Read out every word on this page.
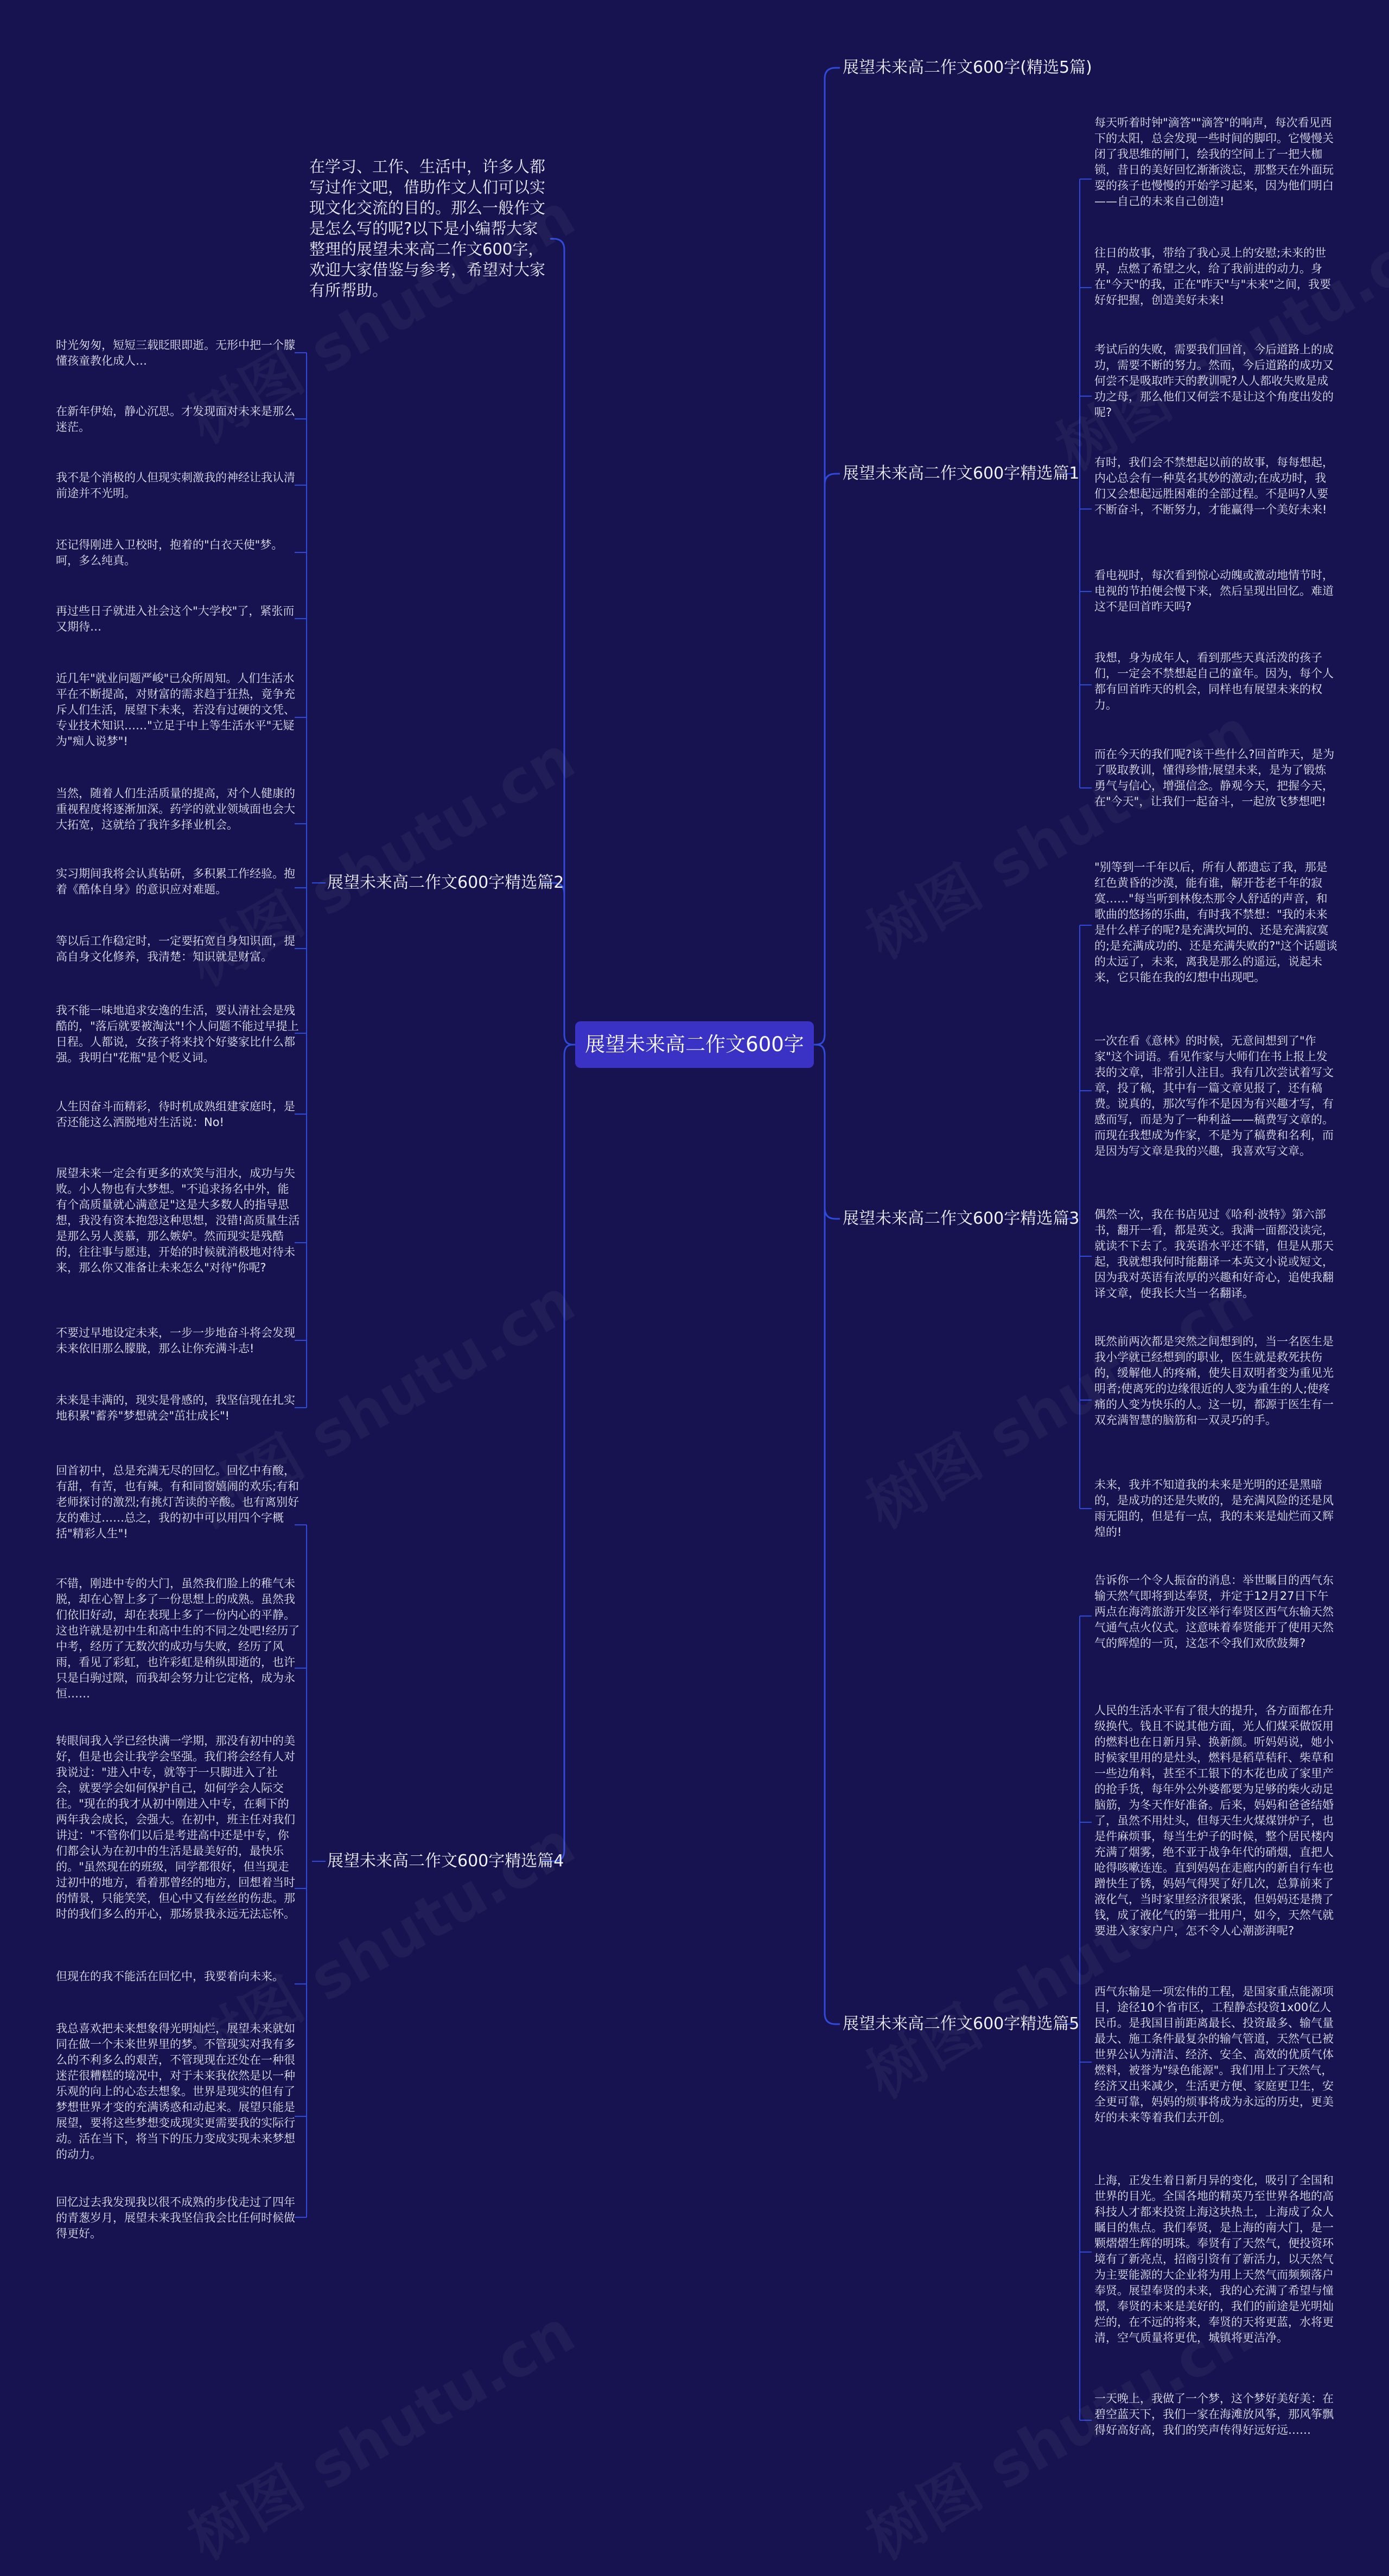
展望未来高二作文600字
在学习、工作、生活中，许多人都写过作文吧，借助作文人们可以实现文化交流的目的。那么一般作文是怎么写的呢?以下是小编帮大家整理的展望未来高二作文600字，欢迎大家借鉴与参考，希望对大家有所帮助。
展望未来高二作文600字(精选5篇)
展望未来高二作文600字精选篇1
展望未来高二作文600字精选篇2
展望未来高二作文600字精选篇3
展望未来高二作文600字精选篇4
展望未来高二作文600字精选篇5
每天听着时钟"滴答""滴答"的响声，每次看见西下的太阳，总会发现一些时间的脚印。它慢慢关闭了我思维的闸门，绘我的空间上了一把大枷锁，昔日的美好回忆渐渐淡忘，那整天在外面玩耍的孩子也慢慢的开始学习起来，因为他们明白——自己的未来自己创造!
往日的故事，带给了我心灵上的安慰;未来的世界，点燃了希望之火，给了我前进的动力。身在"今天"的我，正在"昨天"与"未来"之间，我要好好把握，创造美好未来!
考试后的失败，需要我们回首，今后道路上的成功，需要不断的努力。然而，今后道路的成功又何尝不是吸取昨天的教训呢?人人都收失败是成功之母，那么他们又何尝不是让这个角度出发的呢?
有时，我们会不禁想起以前的故事，每每想起，内心总会有一种莫名其妙的激动;在成功时，我们又会想起远胜困难的全部过程。不是吗?人要不断奋斗，不断努力，才能赢得一个美好未来!
看电视时，每次看到惊心动魄或激动地情节时，电视的节拍便会慢下来，然后呈现出回忆。难道这不是回首昨天吗?
我想，身为成年人，看到那些天真活泼的孩子们，一定会不禁想起自己的童年。因为，每个人都有回首昨天的机会，同样也有展望未来的权力。
而在今天的我们呢?该干些什么?回首昨天，是为了吸取教训，懂得珍惜;展望未来，是为了锻炼勇气与信心，增强信念。静观今天，把握今天，在"今天"，让我们一起奋斗，一起放飞梦想吧!
时光匆匆，短短三载眨眼即逝。无形中把一个朦懂孩童教化成人…
在新年伊始，静心沉思。才发现面对未来是那么迷茫。
我不是个消极的人但现实刺激我的神经让我认清前途并不光明。
还记得刚进入卫校时，抱着的"白衣天使"梦。呵，多么纯真。
再过些日子就进入社会这个"大学校"了，紧张而又期待…
近几年"就业问题严峻"已众所周知。人们生活水平在不断提高，对财富的需求趋于狂热，竟争充斥人们生活，展望下未来，若没有过硬的文凭、专业技术知识……"立足于中上等生活水平"无疑为"痴人说梦"!
当然，随着人们生活质量的提高，对个人健康的重视程度将逐渐加深。药学的就业领域面也会大大拓宽，这就给了我许多择业机会。
实习期间我将会认真钻研，多积累工作经验。抱着《酷体自身》的意识应对难题。
等以后工作稳定时，一定要拓宽自身知识面，提高自身文化修养，我清楚：知识就是财富。
我不能一味地追求安逸的生活，要认清社会是残酷的，"落后就要被淘汰"!个人问题不能过早提上日程。人都说，女孩子将来找个好婆家比什么都强。我明白"花瓶"是个贬义词。
人生因奋斗而精彩，待时机成熟组建家庭时，是否还能这么洒脱地对生活说：No!
展望未来一定会有更多的欢笑与泪水，成功与失败。小人物也有大梦想。"不追求扬名中外，能有个高质量就心满意足"这是大多数人的指导思想，我没有资本抱怨这种思想，没错!高质量生活是那么另人羡慕，那么嫉妒。然而现实是残酷的，往往事与愿违，开始的时候就消极地对待未来，那么你又准备让未来怎么"对待"你呢?
不要过早地设定未来，一步一步地奋斗将会发现未来依旧那么朦胧，那么让你充满斗志!
未来是丰满的，现实是骨感的，我坚信现在扎实地积累"蓄养"梦想就会"茁壮成长"!
"别等到一千年以后，所有人都遗忘了我，那是红色黄昏的沙漠，能有谁，解开苍老千年的寂寞……"每当听到林俊杰那令人舒适的声音，和歌曲的悠扬的乐曲，有时我不禁想："我的未来是什么样子的呢?是充满坎坷的、还是充满寂寞的;是充满成功的、还是充满失败的?"这个话题谈的太远了，未来，离我是那么的遥远，说起未来，它只能在我的幻想中出现吧。
一次在看《意林》的时候，无意间想到了"作家"这个词语。看见作家与大师们在书上报上发表的文章，非常引人注目。我有几次尝试着写文章，投了稿，其中有一篇文章见报了，还有稿费。说真的，那次写作不是因为有兴趣才写，有感而写，而是为了一种利益——稿费写文章的。而现在我想成为作家，不是为了稿费和名利，而是因为写文章是我的兴趣，我喜欢写文章。
偶然一次，我在书店见过《哈利·波特》第六部书，翻开一看，都是英文。我满一面都没读完，就读不下去了。我英语水平还不错，但是从那天起，我就想我何时能翻译一本英文小说或短文，因为我对英语有浓厚的兴趣和好奇心，追使我翻译文章，使我长大当一名翻译。
既然前两次都是突然之间想到的，当一名医生是我小学就已经想到的职业，医生就是救死扶伤的，缓解他人的疼痛，使失目双明者变为重见光明者;使离死的边缘很近的人变为重生的人;使疼痛的人变为快乐的人。这一切，都源于医生有一双充满智慧的脑筋和一双灵巧的手。
未来，我并不知道我的未来是光明的还是黑暗的，是成功的还是失败的，是充满风险的还是风雨无阻的，但是有一点，我的未来是灿烂而又辉煌的!
回首初中，总是充满无尽的回忆。回忆中有酸，有甜，有苦，也有辣。有和同窗嬉闹的欢乐;有和老师探讨的激烈;有挑灯苦读的辛酸。也有离别好友的难过……总之，我的初中可以用四个字概括"精彩人生"!
不错，刚进中专的大门，虽然我们脸上的稚气未脱，却在心智上多了一份思想上的成熟。虽然我们依旧好动，却在表现上多了一份内心的平静。这也许就是初中生和高中生的不同之处吧!经历了中考，经历了无数次的成功与失败，经历了风雨，看见了彩虹，也许彩虹是稍纵即逝的，也许只是白驹过隙，而我却会努力让它定格，成为永恒……
转眼间我入学已经快满一学期，那没有初中的美好，但是也会让我学会坚强。我们将会经有人对我说过："进入中专，就等于一只脚进入了社会，就要学会如何保护自己，如何学会人际交往。"现在的我才从初中刚进入中专，在剩下的两年我会成长，会强大。在初中，班主任对我们讲过："不管你们以后是考进高中还是中专，你们都会认为在初中的生活是最美好的，最快乐的。"虽然现在的班级，同学都很好，但当现走过初中的地方，看着那曾经的地方，回想着当时的情景，只能笑笑，但心中又有丝丝的伤悲。那时的我们多么的开心，那场景我永远无法忘怀。
但现在的我不能活在回忆中，我要着向未来。
我总喜欢把未来想象得光明灿烂，展望未来就如同在做一个未来世界里的梦。不管现实对我有多么的不利多么的艰苦，不管现现在还处在一种很迷茫很糟糕的境况中，对于未来我依然是以一种乐观的向上的心态去想象。世界是现实的但有了梦想世界才变的充满诱惑和动起来。展望只能是展望，要将这些梦想变成现实更需要我的实际行动。活在当下，将当下的压力变成实现未来梦想的动力。
回忆过去我发现我以很不成熟的步伐走过了四年的青葱岁月，展望未来我坚信我会比任何时候做得更好。
告诉你一个令人振奋的消息：举世瞩目的西气东输天然气即将到达奉贤，并定于12月27日下午两点在海湾旅游开发区举行奉贤区西气东输天然气通气点火仪式。这意味着奉贤能开了使用天然气的辉煌的一页，这怎不令我们欢欣鼓舞?
人民的生活水平有了很大的提升，各方面都在升级换代。钱且不说其他方面，光人们煤采做饭用的燃料也在日新月异、换新颜。听妈妈说，她小时候家里用的是灶头，燃料是稻草秸秆、柴草和一些边角料，甚至不工银下的木花也成了家里产的抢手货，每年外公外婆都要为足够的柴火动足脑筋，为冬天作好准备。后来，妈妈和爸爸结婚了，虽然不用灶头，但每天生火煤煤饼炉子，也是件麻烦事，每当生炉子的时候，整个居民楼内充满了烟雾，绝不亚于战争年代的硝烟，直把人呛得咳嗽连连。直到妈妈在走廊内的新自行车也蹭快生了锈，妈妈气得哭了好几次，总算前来了液化气，当时家里经济很紧张，但妈妈还是攒了钱，成了液化气的第一批用户，如今，天然气就要进入家家户户，怎不令人心潮澎湃呢?
西气东输是一项宏伟的工程，是国家重点能源项目，途径10个省市区，工程静态投资1x00亿人民币。是我国目前距离最长、投资最多、输气量最大、施工条件最复杂的输气管道，天然气已被世界公认为清洁、经济、安全、高效的优质气体燃料，被誉为"绿色能源"。我们用上了天然气，经济又出来减少，生活更方便、家庭更卫生，安全更可靠，妈妈的烦事将成为永远的历史，更美好的未来等着我们去开创。
上海，正发生着日新月异的变化，吸引了全国和世界的目光。全国各地的精英乃至世界各地的高科技人才都来投资上海这块热土，上海成了众人瞩目的焦点。我们奉贤，是上海的南大门，是一颗熠熠生辉的明珠。奉贤有了天然气，便投资环境有了新亮点，招商引资有了新活力，以天然气为主要能源的大企业将为用上天然气而频频落户奉贤。展望奉贤的未来，我的心充满了希望与憧憬，奉贤的未来是美好的，我们的前途是光明灿烂的，在不远的将来，奉贤的天将更蓝，水将更清，空气质量将更优，城镇将更洁净。
一天晚上，我做了一个梦，这个梦好美好美：在碧空蓝天下，我们一家在海滩放风筝，那风筝飘得好高好高，我们的笑声传得好远好远……
